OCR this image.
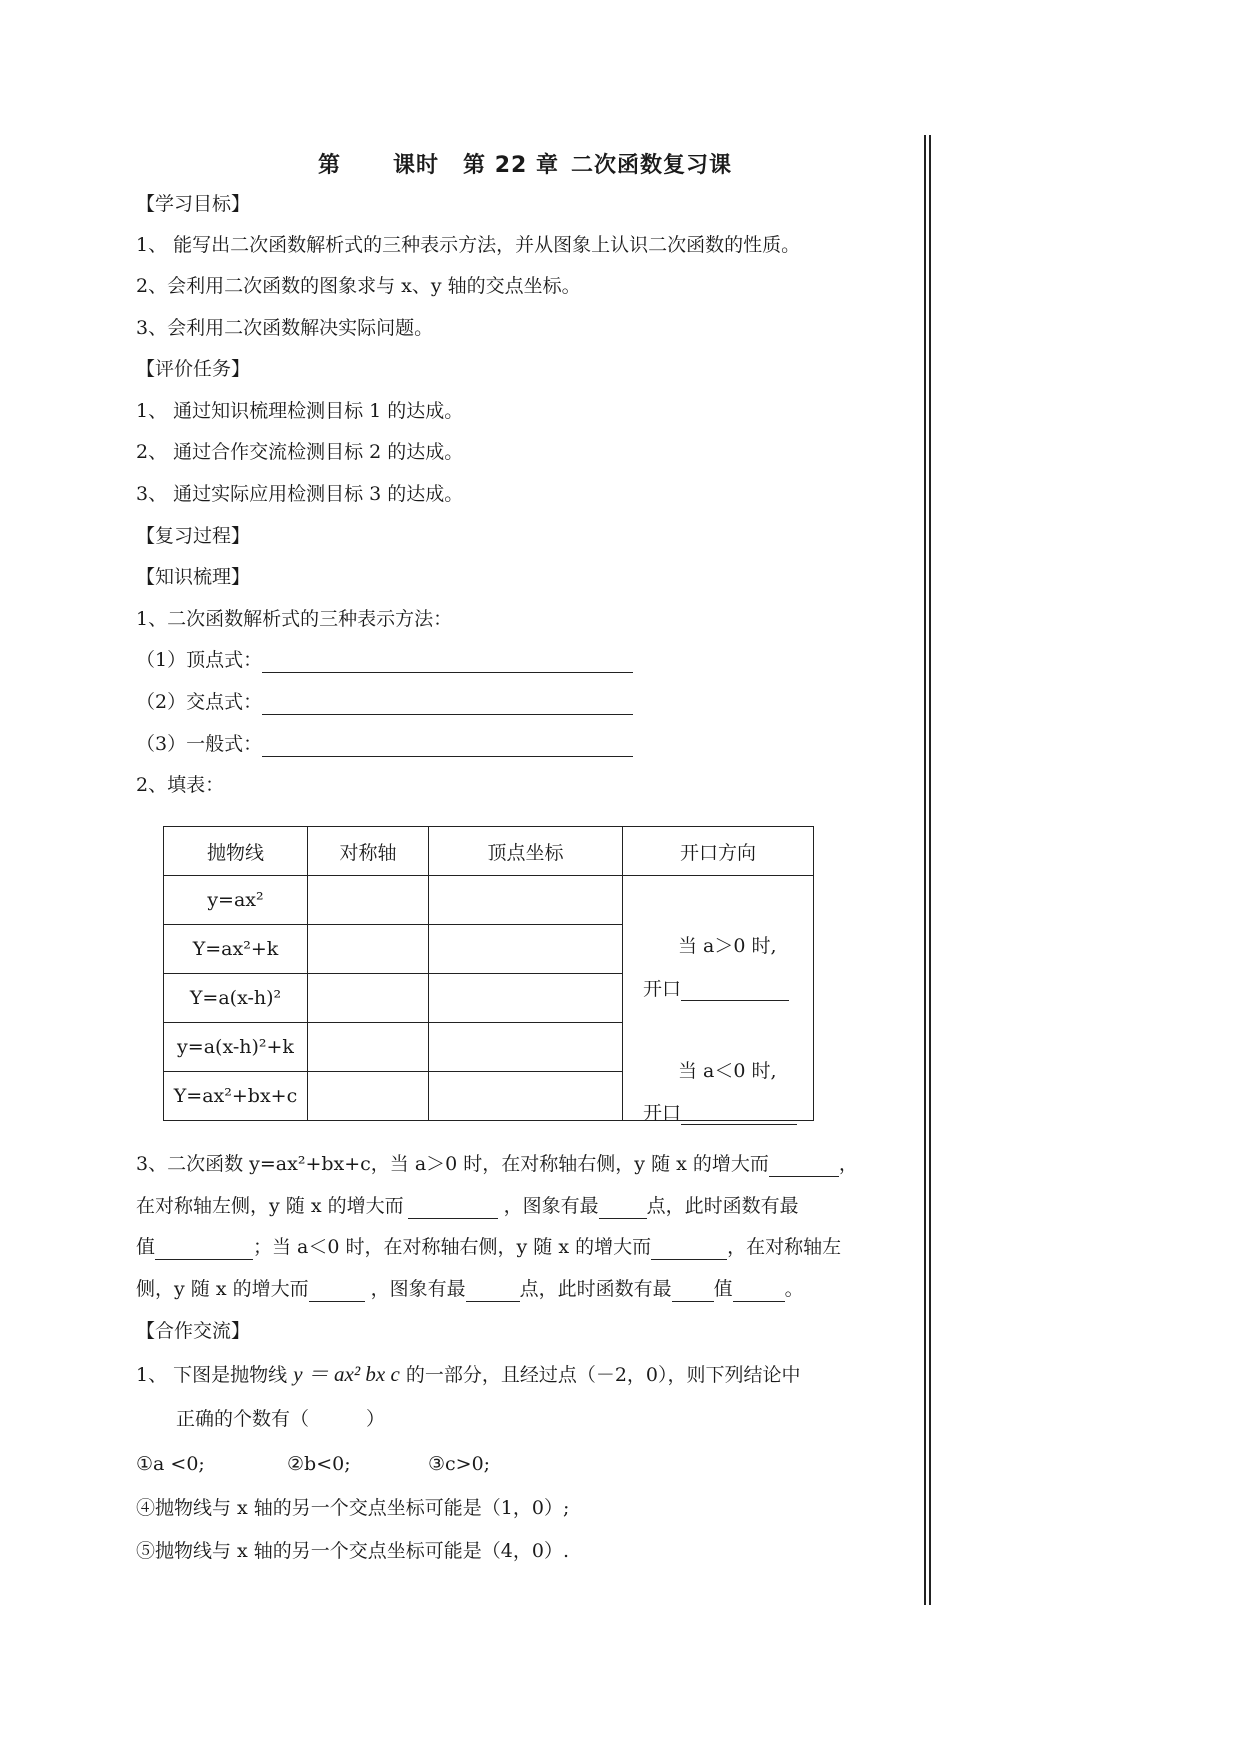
第 课时 第 22 章 二次函数复习课
【学习目标】
1、 能写出二次函数解析式的三种表示方法，并从图象上认识二次函数的性质。
2、会利用二次函数的图象求与 x、y 轴的交点坐标。
3、会利用二次函数解决实际问题。
【评价任务】
1、 通过知识梳理检测目标 1 的达成。
2、 通过合作交流检测目标 2 的达成。
3、 通过实际应用检测目标 3 的达成。
【复习过程】
【知识梳理】
1、二次函数解析式的三种表示方法：
（1）顶点式：
（2）交点式：
（3）一般式：
2、填表：
抛物线	对称轴	顶点坐标	开口方向
y=ax²			当 a＞0 时,
开口
当 a＜0 时,
开口

Y=ax²+k			
Y=a(x-h)²			
y=a(x-h)²+k			
Y=ax²+bx+c			
3、二次函数 y=ax²+bx+c，当 a＞0 时，在对称轴右侧，y 随 x 的增大而	，
在对称轴左侧，y 随 x 的增大而	，图象有最	点，此时函数有最
值	；当 a＜0 时，在对称轴右侧，y 随 x 的增大而	，在对称轴左
侧，y 随 x 的增大而	，图象有最	点，此时函数有最 值	。
【合作交流】
1、 下图是抛物线 y ＝ ax² bx c 的一部分，且经过点（－2，0），则下列结论中
正确的个数有（　　　）
①a <0;	②b<0;	③c>0;
④抛物线与 x 轴的另一个交点坐标可能是（1，0）;
⑤抛物线与 x 轴的另一个交点坐标可能是（4，0）.
